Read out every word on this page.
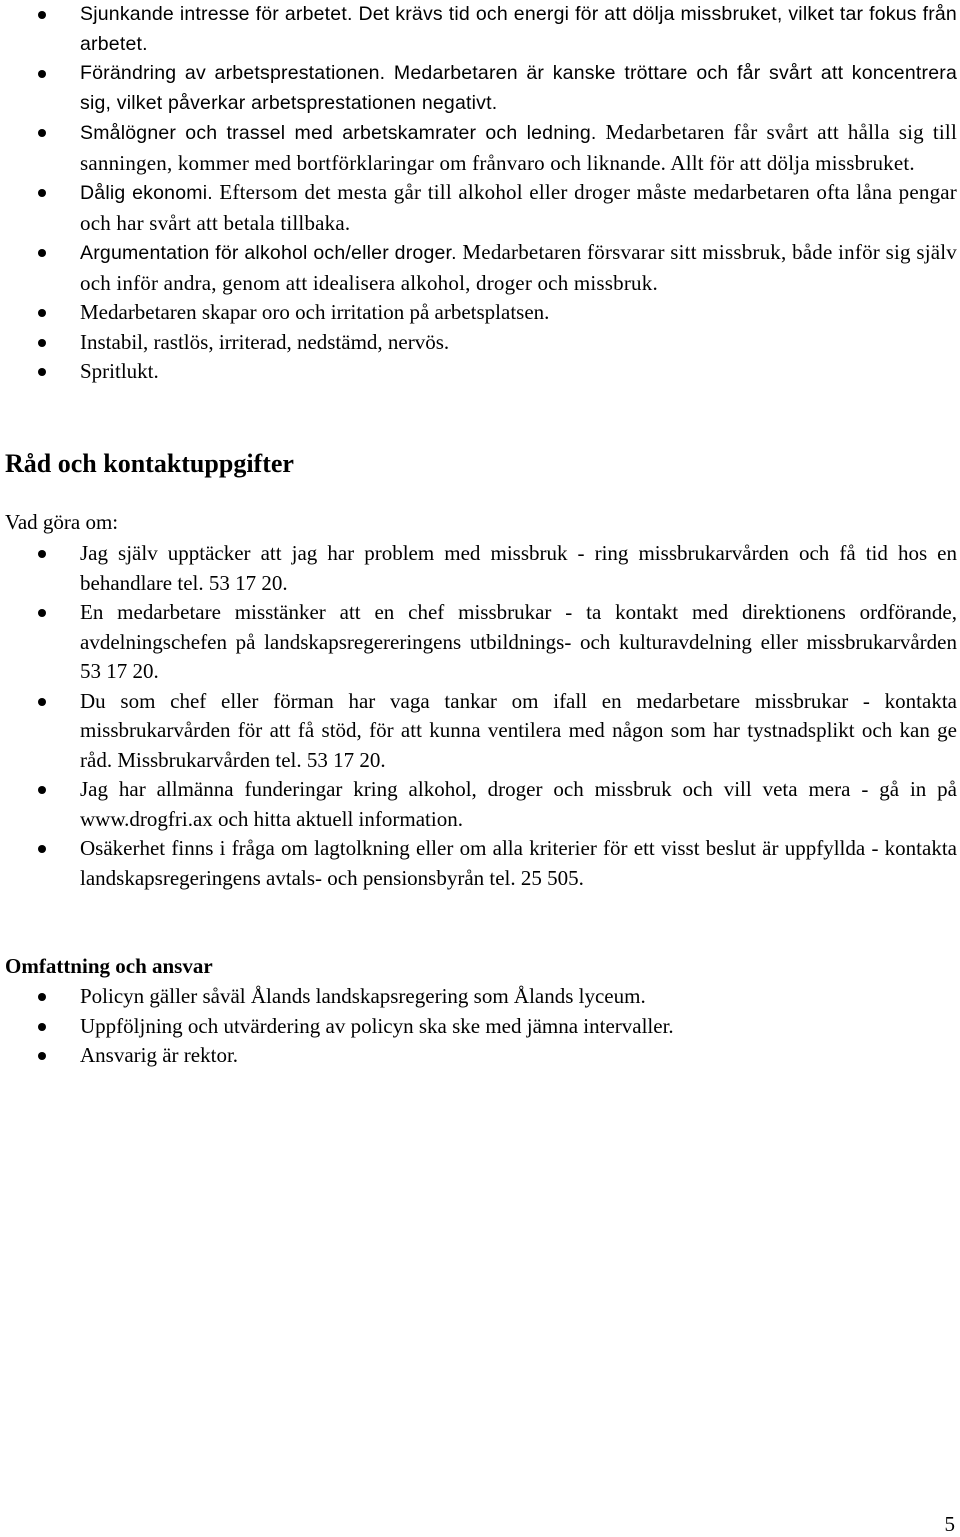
Sjunkande intresse för arbetet. Det krävs tid och energi för att dölja missbruket, vilket tar fokus från arbetet.
Förändring av arbetsprestationen. Medarbetaren är kanske tröttare och får svårt att koncentrera sig, vilket påverkar arbetsprestationen negativt.
Smålögner och trassel med arbetskamrater och ledning. Medarbetaren får svårt att hålla sig till sanningen, kommer med bortförklaringar om frånvaro och liknande. Allt för att dölja missbruket.
Dålig ekonomi. Eftersom det mesta går till alkohol eller droger måste medarbetaren ofta låna pengar och har svårt att betala tillbaka.
Argumentation för alkohol och/eller droger. Medarbetaren försvarar sitt missbruk, både inför sig själv och inför andra, genom att idealisera alkohol, droger och missbruk.
Medarbetaren skapar oro och irritation på arbetsplatsen.
Instabil, rastlös, irriterad, nedstämd, nervös.
Spritlukt.
Råd och kontaktuppgifter

Vad göra om:

Jag själv upptäcker att jag har problem med missbruk - ring missbrukarvården och få tid hos en behandlare tel. 53 17 20.
En medarbetare misstänker att en chef missbrukar - ta kontakt med direktionens ordförande, avdelningschefen på landskapsregereringens utbildnings- och kulturavdelning eller missbrukarvården 53 17 20.
Du som chef eller förman har vaga tankar om ifall en medarbetare missbrukar - kontakta missbrukarvården för att få stöd, för att kunna ventilera med någon som har tystnadsplikt och kan ge råd. Missbrukarvården tel. 53 17 20.
Jag har allmänna funderingar kring alkohol, droger och missbruk och vill veta mera - gå in på www.drogfri.ax och hitta aktuell information.
Osäkerhet finns i fråga om lagtolkning eller om alla kriterier för ett visst beslut är uppfyllda - kontakta landskapsregeringens avtals- och pensionsbyrån tel. 25 505.
Omfattning och ansvar
Policyn gäller såväl Ålands landskapsregering som Ålands lyceum.
Uppföljning och utvärdering av policyn ska ske med jämna intervaller.
Ansvarig är rektor.
5
